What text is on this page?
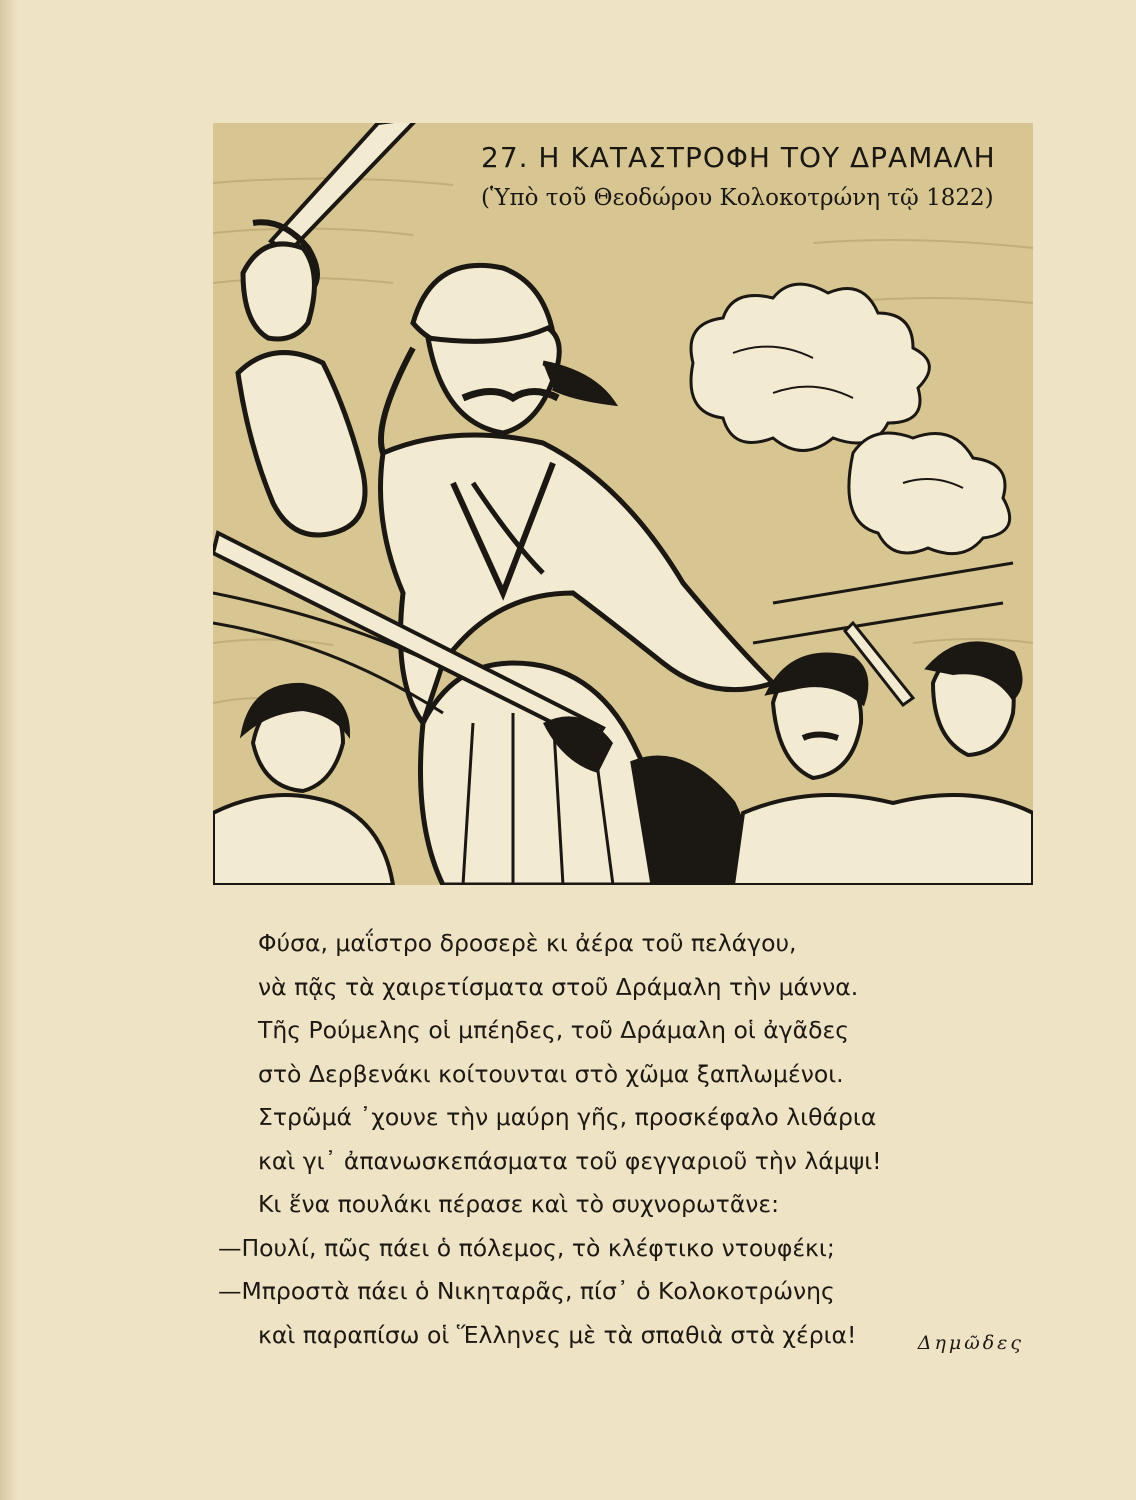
27. Η ΚΑΤΑΣΤΡΟΦΗ ΤΟΥ ΔΡΑΜΑΛΗ
(Ὑπὸ τοῦ Θεοδώρου Κολοκοτρώνη τῷ 1822)
Φύσα, μαΐστρο δροσερὲ κι ἀέρα τοῦ πελάγου,
νὰ πᾷς τὰ χαιρετίσματα στοῦ Δράμαλη τὴν μάννα.
Τῆς Ρούμελης οἱ μπέηδες, τοῦ Δράμαλη οἱ ἀγᾶδες
στὸ Δερβενάκι κοίτουνται στὸ χῶμα ξαπλωμένοι.
Στρῶμά ᾽χουνε τὴν μαύρη γῆς, προσκέφαλο λιθάρια
καὶ γι᾽ ἀπανωσκεπάσματα τοῦ φεγγαριοῦ τὴν λάμψι!
Κι ἕνα πουλάκι πέρασε καὶ τὸ συχνορωτᾶνε:
—Πουλί, πῶς πάει ὁ πόλεμος, τὸ κλέφτικο ντουφέκι;
—Μπροστὰ πάει ὁ Νικηταρᾶς, πίσ᾽ ὁ Κολοκοτρώνης
καὶ παραπίσω οἱ Ἕλληνες μὲ τὰ σπαθιὰ στὰ χέρια!	Δημῶδες
